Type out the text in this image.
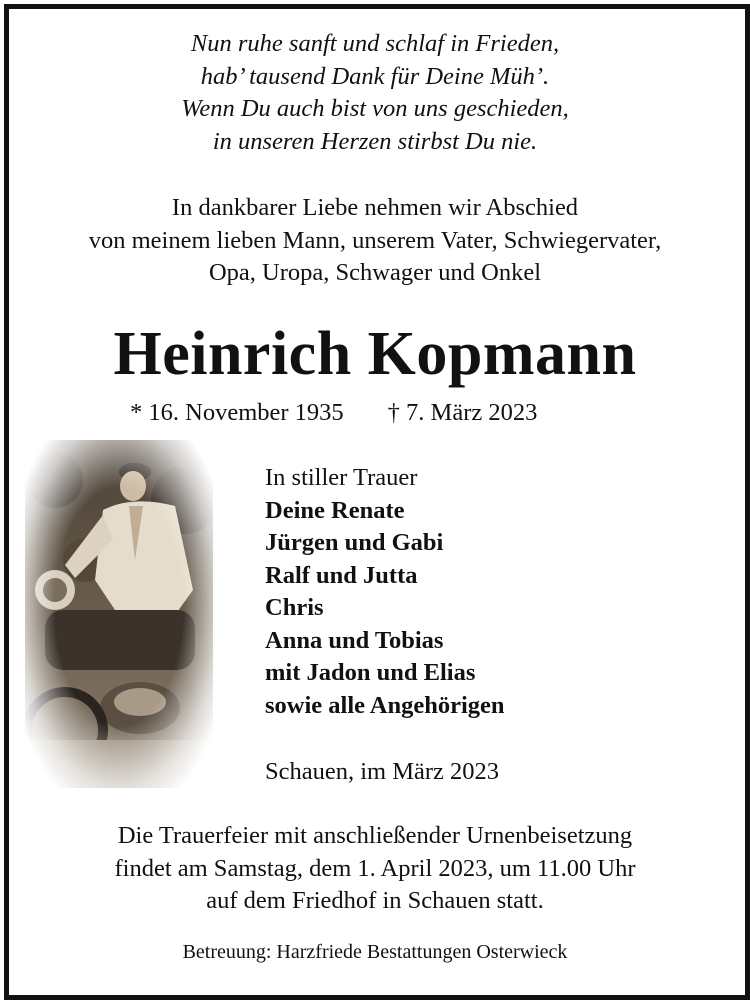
Nun ruhe sanft und schlaf in Frieden,
hab’ tausend Dank für Deine Müh’.
Wenn Du auch bist von uns geschieden,
in unseren Herzen stirbst Du nie.
In dankbarer Liebe nehmen wir Abschied
von meinem lieben Mann, unserem Vater, Schwiegervater,
Opa, Uropa, Schwager und Onkel
Heinrich Kopmann
* 16. November 1935 † 7. März 2023
In stiller Trauer
Deine Renate
Jürgen und Gabi
Ralf und Jutta
Chris
Anna und Tobias
mit Jadon und Elias
sowie alle Angehörigen
Schauen, im März 2023
Die Trauerfeier mit anschließender Urnenbeisetzung
findet am Samstag, dem 1. April 2023, um 11.00 Uhr
auf dem Friedhof in Schauen statt.
Betreuung: Harzfriede Bestattungen Osterwieck
